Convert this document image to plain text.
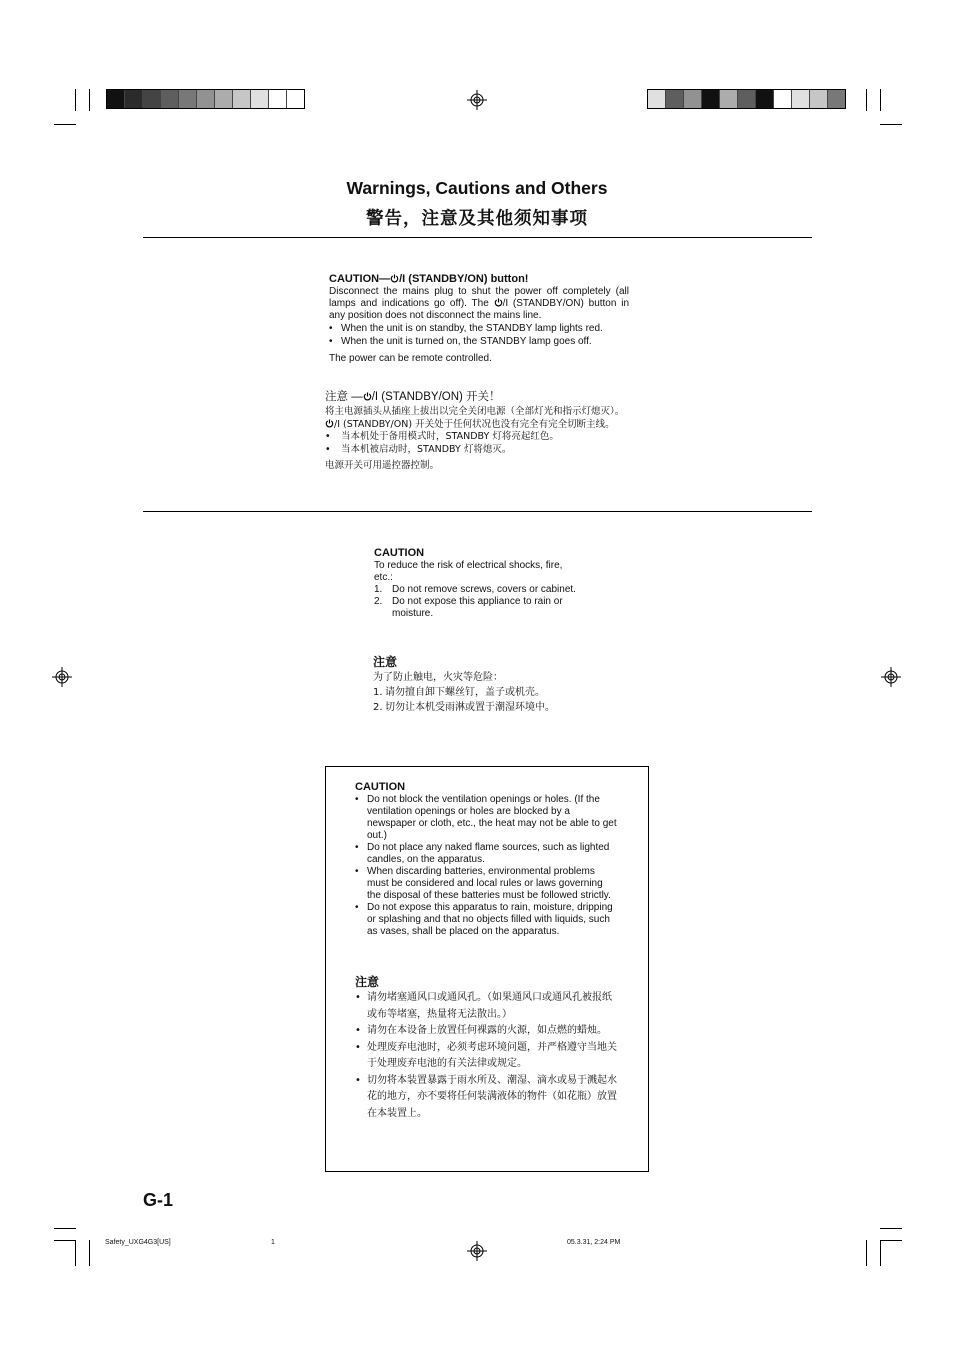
Warnings, Cautions and Others
警告，注意及其他须知事项

CAUTION— /I (STANDBY/ON) button!

Disconnect the mains plug to shut the power off completely (all lamps and indications go off). The /I (STANDBY/ON) button in any position does not disconnect the mains line.

• When the unit is on standby, the STANDBY lamp lights red.
• When the unit is turned on, the STANDBY lamp goes off.

The power can be remote controlled.

注意 — /I (STANDBY/ON) 开关！

将主电源插头从插座上拔出以完全关闭电源（全部灯光和指示灯熄灭）。/I (STANDBY/ON) 开关处于任何状况也没有完全有完全切断主线。

• 当本机处于备用模式时，STANDBY 灯将亮起红色。
• 当本机被启动时，STANDBY 灯将熄灭。

电源开关可用遥控器控制。

CAUTION

To reduce the risk of electrical shocks, fire, etc.:

1. Do not remove screws, covers or cabinet.
2. Do not expose this appliance to rain or moisture.

注意

为了防止触电，火灾等危险：

1. 请勿擅自卸下螺丝钉，盖子或机壳。
2. 切勿让本机受雨淋或置于潮湿环境中。

CAUTION

• Do not block the ventilation openings or holes. (If the ventilation openings or holes are blocked by a newspaper or cloth, etc., the heat may not be able to get out.)
• Do not place any naked flame sources, such as lighted candles, on the apparatus.
• When discarding batteries, environmental problems must be considered and local rules or laws governing the disposal of these batteries must be followed strictly.
• Do not expose this apparatus to rain, moisture, dripping or splashing and that no objects filled with liquids, such as vases, shall be placed on the apparatus.

注意

• 请勿堵塞通风口或通风孔。（如果通风口或通风孔被报纸或布等堵塞，热量将无法散出。）
• 请勿在本设备上放置任何裸露的火源，如点燃的蜡烛。
• 处理废弃电池时，必须考虑环境问题，并严格遵守当地关于处理废弃电池的有关法律或规定。
• 切勿将本装置暴露于雨水所及、潮湿、滴水或易于溅起水花的地方，亦不要将任何装满液体的物件（如花瓶）放置在本装置上。
G-1
Safety_UXG4G3[US]	1	05.3.31, 2:24 PM
